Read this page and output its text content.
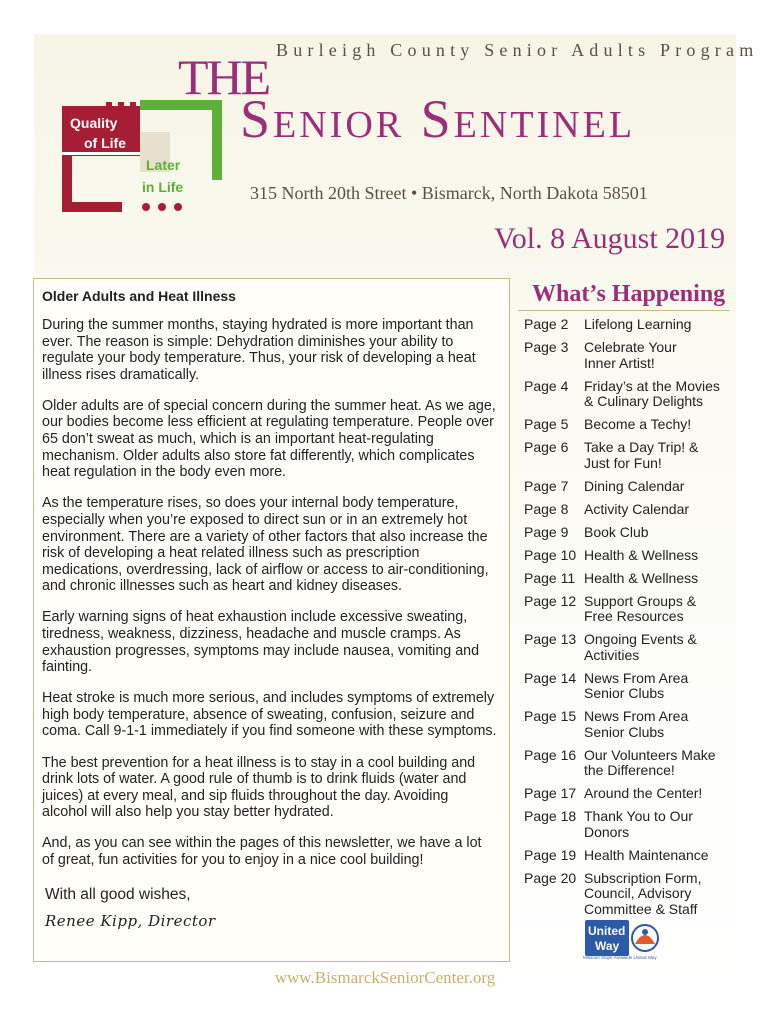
Burleigh County Senior Adults Program
Quality
of Life
Later
in Life
THE
Senior Sentinel
315 North 20th Street • Bismarck, North Dakota 58501
Vol. 8 August 2019
Older Adults and Heat Illness

During the summer months, staying hydrated is more important than ever. The reason is simple: Dehydration diminishes your ability to regulate your body temperature. Thus, your risk of developing a heat illness rises dramatically.

Older adults are of special concern during the summer heat. As we age, our bodies become less efficient at regulating temperature. People over 65 don’t sweat as much, which is an important heat-regulating mechanism. Older adults also store fat differently, which complicates heat regulation in the body even more.

As the temperature rises, so does your internal body temperature, especially when you’re exposed to direct sun or in an extremely hot environment. There are a variety of other factors that also increase the risk of developing a heat related illness such as prescription medications, overdressing, lack of airflow or access to air-conditioning, and chronic illnesses such as heart and kidney diseases.

Early warning signs of heat exhaustion include excessive sweating, tiredness, weakness, dizziness, headache and muscle cramps. As exhaustion progresses, symptoms may include nausea, vomiting and fainting.

Heat stroke is much more serious, and includes symptoms of extremely high body temperature, absence of sweating, confusion, seizure and coma. Call 9-1-1 immediately if you find someone with these symptoms.

The best prevention for a heat illness is to stay in a cool building and drink lots of water. A good rule of thumb is to drink fluids (water and juices) at every meal, and sip fluids throughout the day. Avoiding alcohol will also help you stay better hydrated.

And, as you can see within the pages of this newsletter, we have a lot of great, fun activities for you to enjoy in a nice cool building!

With all good wishes,
Renee Kipp, Director
What’s Happening
Page 2	Lifelong Learning
Page 3	Celebrate Your
Inner Artist!
Page 4	Friday’s at the Movies
& Culinary Delights
Page 5	Become a Techy!
Page 6	Take a Day Trip! &
Just for Fun!
Page 7	Dining Calendar
Page 8	Activity Calendar
Page 9	Book Club
Page 10 Health & Wellness
Page 11 Health & Wellness
Page 12 Support Groups &
Free Resources
Page 13 Ongoing Events &
Activities
Page 14 News From Area
Senior Clubs
Page 15 News From Area
Senior Clubs
Page 16 Our Volunteers Make
the Difference!
Page 17 Around the Center!
Page 18 Thank You to Our
Donors
Page 19 Health Maintenance
Page 20 Subscription Form,
Council, Advisory
Committee & Staff
United
Way
Missouri Slope Areawide United Way
www.BismarckSeniorCenter.org
